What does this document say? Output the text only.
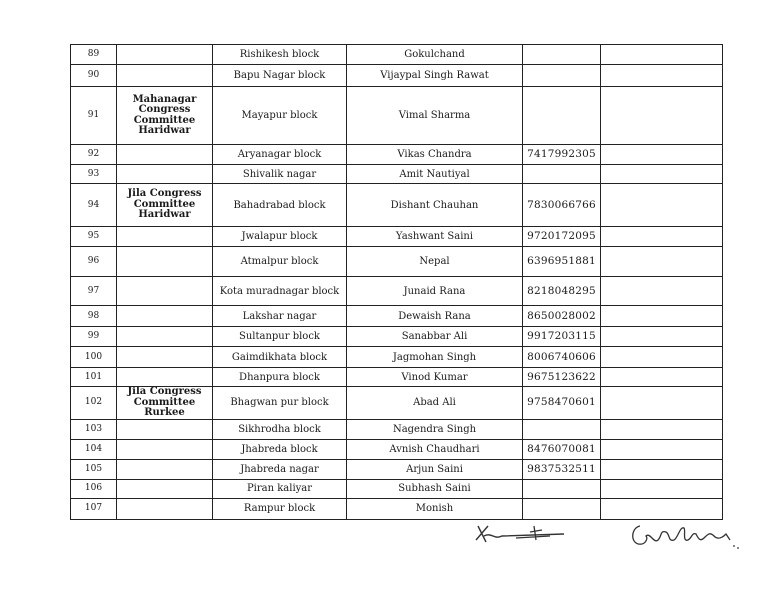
89		Rishikesh block	Gokulchand		
90		Bapu Nagar block	Vijaypal Singh Rawat		
91	Mahanagar Congress Committee Haridwar	Mayapur block	Vimal Sharma		
92		Aryanagar block	Vikas Chandra	7417992305	
93		Shivalik nagar	Amit Nautiyal		
94	Jila Congress Committee Haridwar	Bahadrabad block	Dishant Chauhan	7830066766	
95		Jwalapur block	Yashwant Saini	9720172095	
96		Atmalpur block	Nepal	6396951881	
97		Kota muradnagar block	Junaid Rana	8218048295	
98		Lakshar nagar	Dewaish Rana	8650028002	
99		Sultanpur block	Sanabbar Ali	9917203115	
100		Gaimdikhata block	Jagmohan Singh	8006740606	
101		Dhanpura block	Vinod Kumar	9675123622	
102	Jila Congress Committee Rurkee	Bhagwan pur block	Abad Ali	9758470601	
103		Sikhrodha block	Nagendra Singh		
104		Jhabreda block	Avnish Chaudhari	8476070081	
105		Jhabreda nagar	Arjun Saini	9837532511	
106		Piran kaliyar	Subhash Saini		
107		Rampur block	Monish		
